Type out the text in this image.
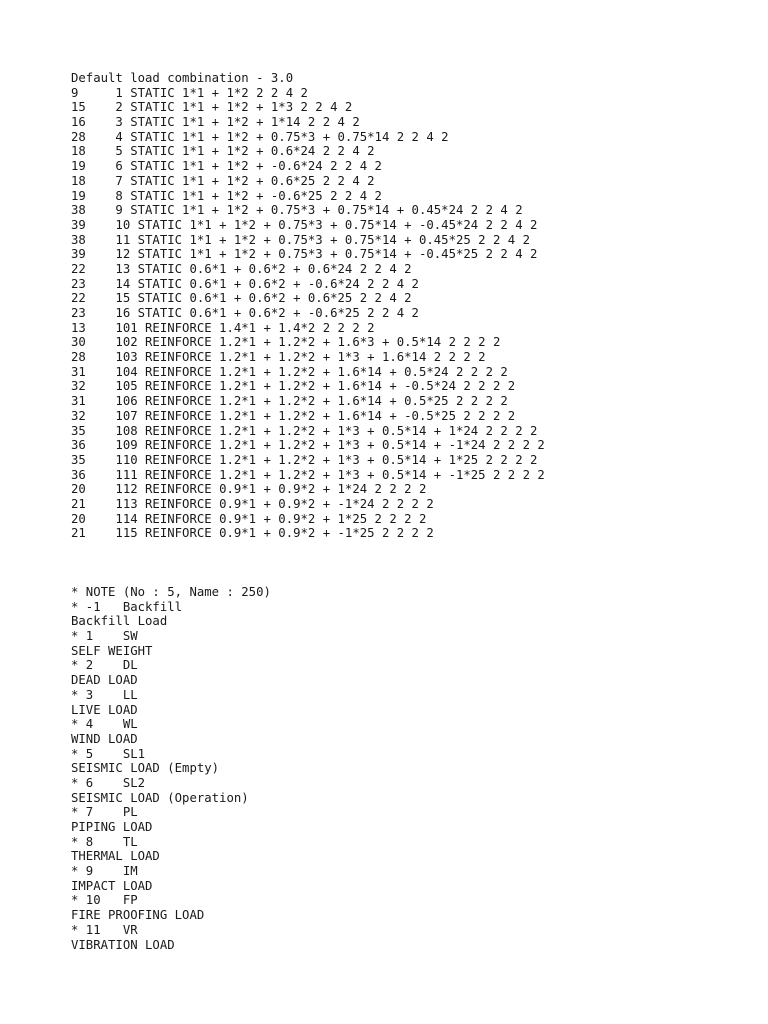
Default load combination - 3.0
9     1 STATIC 1*1 + 1*2 2 2 4 2
15    2 STATIC 1*1 + 1*2 + 1*3 2 2 4 2
16    3 STATIC 1*1 + 1*2 + 1*14 2 2 4 2
28    4 STATIC 1*1 + 1*2 + 0.75*3 + 0.75*14 2 2 4 2
18    5 STATIC 1*1 + 1*2 + 0.6*24 2 2 4 2
19    6 STATIC 1*1 + 1*2 + -0.6*24 2 2 4 2
18    7 STATIC 1*1 + 1*2 + 0.6*25 2 2 4 2
19    8 STATIC 1*1 + 1*2 + -0.6*25 2 2 4 2
38    9 STATIC 1*1 + 1*2 + 0.75*3 + 0.75*14 + 0.45*24 2 2 4 2
39    10 STATIC 1*1 + 1*2 + 0.75*3 + 0.75*14 + -0.45*24 2 2 4 2
38    11 STATIC 1*1 + 1*2 + 0.75*3 + 0.75*14 + 0.45*25 2 2 4 2
39    12 STATIC 1*1 + 1*2 + 0.75*3 + 0.75*14 + -0.45*25 2 2 4 2
22    13 STATIC 0.6*1 + 0.6*2 + 0.6*24 2 2 4 2
23    14 STATIC 0.6*1 + 0.6*2 + -0.6*24 2 2 4 2
22    15 STATIC 0.6*1 + 0.6*2 + 0.6*25 2 2 4 2
23    16 STATIC 0.6*1 + 0.6*2 + -0.6*25 2 2 4 2
13    101 REINFORCE 1.4*1 + 1.4*2 2 2 2 2
30    102 REINFORCE 1.2*1 + 1.2*2 + 1.6*3 + 0.5*14 2 2 2 2
28    103 REINFORCE 1.2*1 + 1.2*2 + 1*3 + 1.6*14 2 2 2 2
31    104 REINFORCE 1.2*1 + 1.2*2 + 1.6*14 + 0.5*24 2 2 2 2
32    105 REINFORCE 1.2*1 + 1.2*2 + 1.6*14 + -0.5*24 2 2 2 2
31    106 REINFORCE 1.2*1 + 1.2*2 + 1.6*14 + 0.5*25 2 2 2 2
32    107 REINFORCE 1.2*1 + 1.2*2 + 1.6*14 + -0.5*25 2 2 2 2
35    108 REINFORCE 1.2*1 + 1.2*2 + 1*3 + 0.5*14 + 1*24 2 2 2 2
36    109 REINFORCE 1.2*1 + 1.2*2 + 1*3 + 0.5*14 + -1*24 2 2 2 2
35    110 REINFORCE 1.2*1 + 1.2*2 + 1*3 + 0.5*14 + 1*25 2 2 2 2
36    111 REINFORCE 1.2*1 + 1.2*2 + 1*3 + 0.5*14 + -1*25 2 2 2 2
20    112 REINFORCE 0.9*1 + 0.9*2 + 1*24 2 2 2 2
21    113 REINFORCE 0.9*1 + 0.9*2 + -1*24 2 2 2 2
20    114 REINFORCE 0.9*1 + 0.9*2 + 1*25 2 2 2 2
21    115 REINFORCE 0.9*1 + 0.9*2 + -1*25 2 2 2 2
* NOTE (No : 5, Name : 250)
* -1   Backfill
Backfill Load
* 1    SW
SELF WEIGHT
* 2    DL
DEAD LOAD
* 3    LL
LIVE LOAD
* 4    WL
WIND LOAD
* 5    SL1
SEISMIC LOAD (Empty)
* 6    SL2
SEISMIC LOAD (Operation)
* 7    PL
PIPING LOAD
* 8    TL
THERMAL LOAD
* 9    IM
IMPACT LOAD
* 10   FP
FIRE PROOFING LOAD
* 11   VR
VIBRATION LOAD
